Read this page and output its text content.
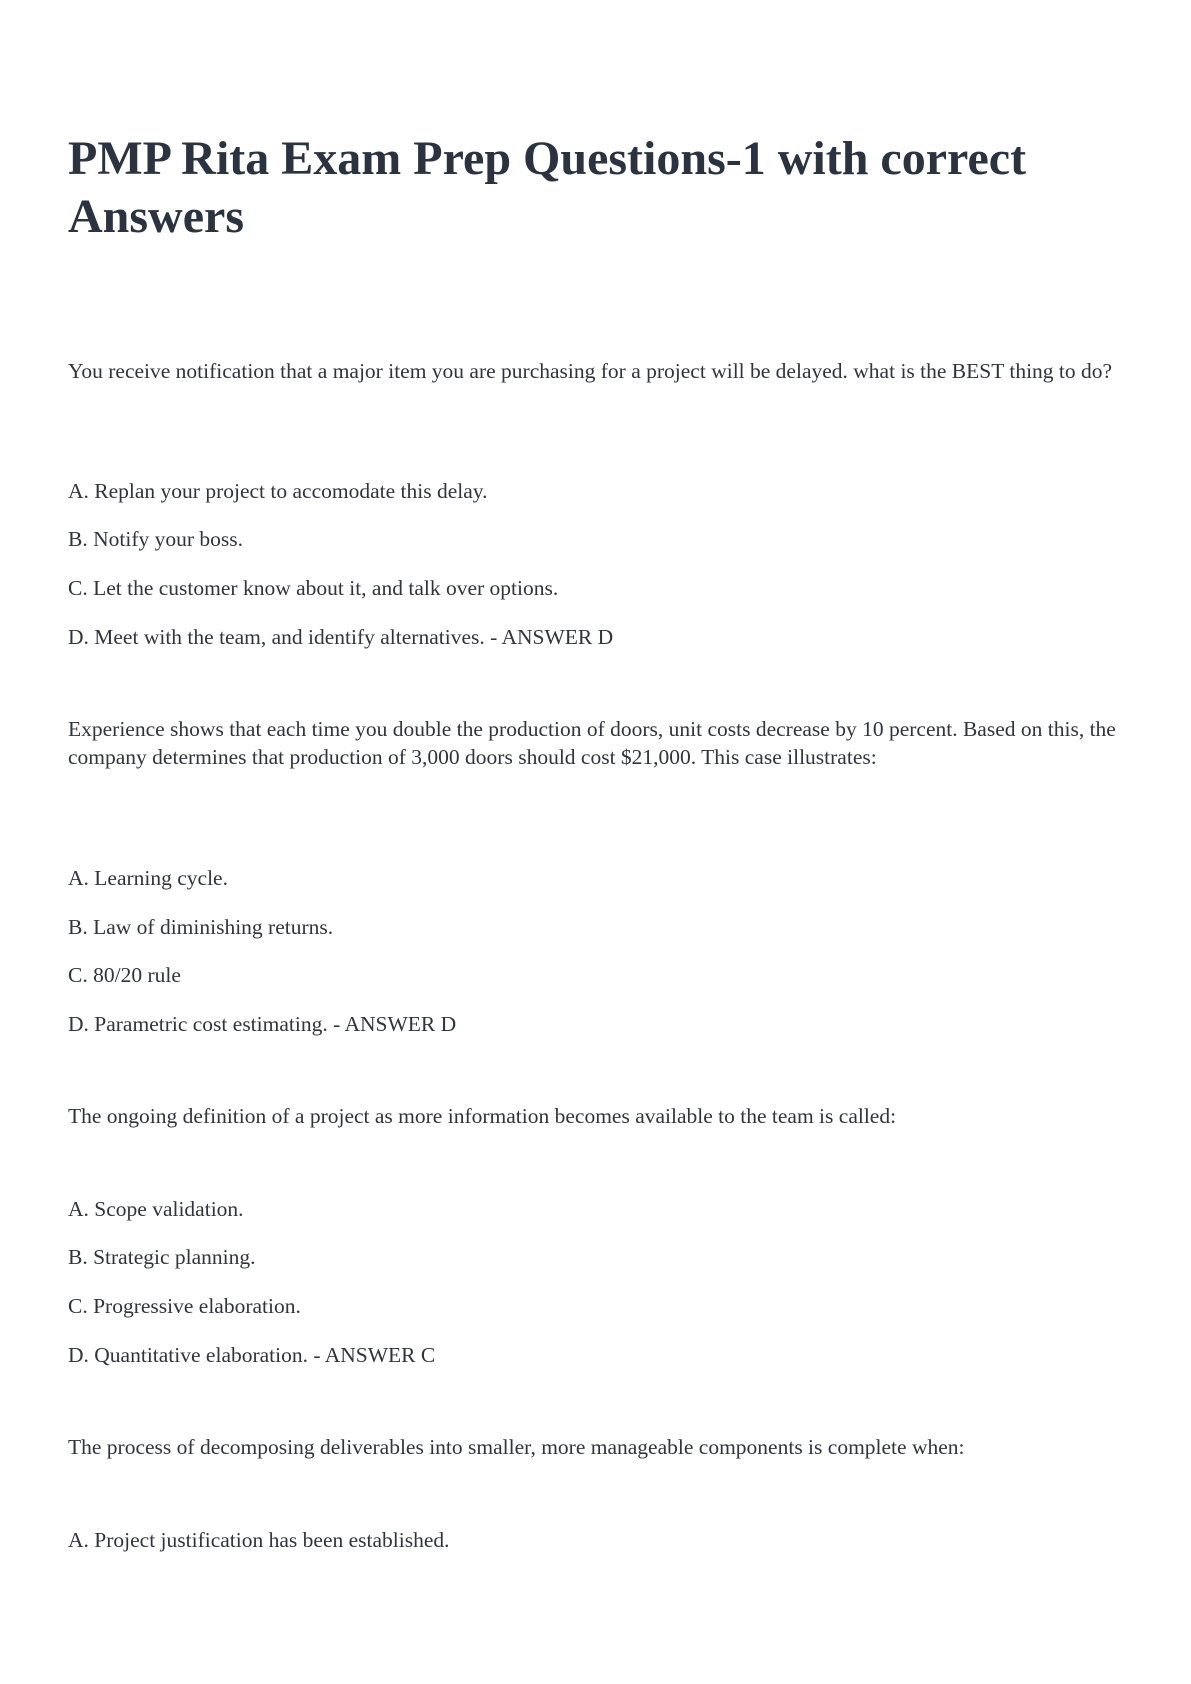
PMP Rita Exam Prep Questions-1 with correct Answers

You receive notification that a major item you are purchasing for a project will be delayed. what is the BEST thing to do?

A. Replan your project to accomodate this delay.

B. Notify your boss.

C. Let the customer know about it, and talk over options.

D. Meet with the team, and identify alternatives. - ANSWER D

Experience shows that each time you double the production of doors, unit costs decrease by 10 percent. Based on this, the company determines that production of 3,000 doors should cost $21,000. This case illustrates:

A. Learning cycle.

B. Law of diminishing returns.

C. 80/20 rule

D. Parametric cost estimating. - ANSWER D

The ongoing definition of a project as more information becomes available to the team is called:

A. Scope validation.

B. Strategic planning.

C. Progressive elaboration.

D. Quantitative elaboration. - ANSWER C

The process of decomposing deliverables into smaller, more manageable components is complete when:

A. Project justification has been established.
